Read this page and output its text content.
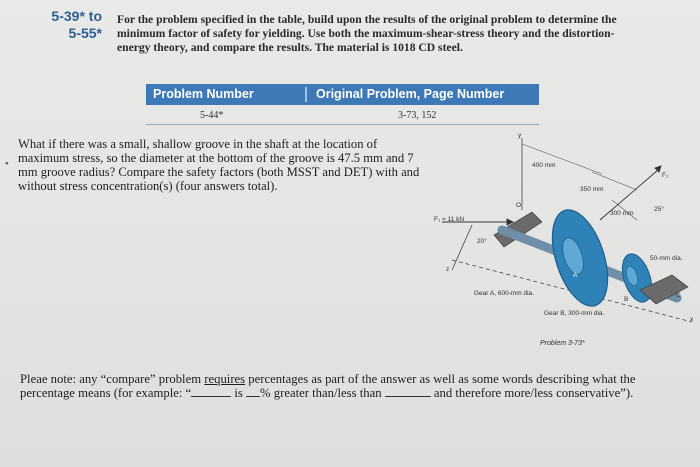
5-39* to
5-55*
For the problem specified in the table, build upon the results of the original problem to determine the minimum factor of safety for yielding. Use both the maximum-shear-stress theory and the distortion-energy theory, and compare the results. The material is 1018 CD steel.
Problem Number	Original Problem, Page Number
5-44*	3-73, 152
•
What if there was a small, shallow groove in the shaft at the location of maximum stress, so the diameter at the bottom of the groove is 47.5 mm and 7 mm groove radius? Compare the safety factors (both MSST and DET) with and without stress concentration(s) (four answers total).
400 mm
350 mm
300 mm
F₁ = 11 kN
20°
25°
50-mm dia.
Gear A, 600-mm dia.
Gear B, 300-mm dia.
O
A
B
C
x
y
z
F₂
Problem 3-73*
Pleae note: any “compare” problem requires percentages as part of the answer as well as some words describing what the percentage means (for example: “	is % greater than/less than	and therefore more/less conservative”).
